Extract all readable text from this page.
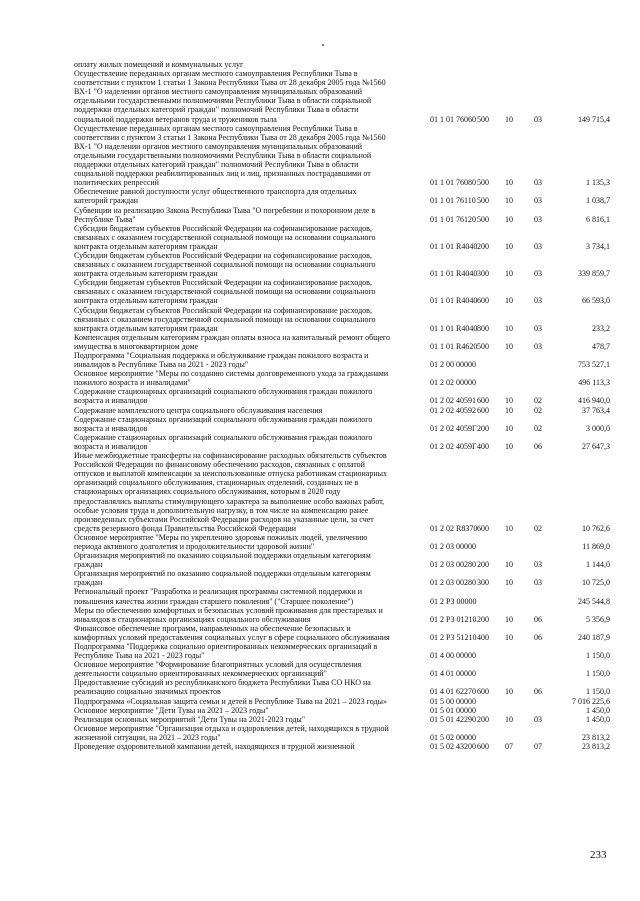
оплату жилых помещений и коммунальных услуг
Осуществление переданных органам местного самоуправления Республики Тыва в соответствии с пунктом 1 статьи 1 Закона Республики Тыва от 28 декабря 2005 года №1560 ВХ-1 "О наделении органов местного самоуправления муниципальных образований отдельными государственными полномочиями Республики Тыва в области социальной поддержки отдельных категорий граждан" полномочий Республики Тыва в области социальной поддержки ветеранов труда и тружеников тыла	01 1 01 76060 500	10	03	149 715,4
Осуществление переданных органам местного самоуправления Республики Тыва в соответствии с пунктом 3 статьи 1 Закона Республики Тыва от 28 декабря 2005 года №1560 ВХ-1 "О наделении органов местного самоуправления муниципальных образований отдельными государственными полномочиями Республики Тыва в области социальной поддержки отдельных категорий граждан" полномочий Республики Тыва в области социальной поддержки реабилитированных лиц и лиц, признанных пострадавшими от политических репрессий	01 1 01 76080 500	10	03	1 135,3
Обеспечение равной доступности услуг общественного транспорта для отдельных категорий граждан	01 1 01 76110 500	10	03	1 038,7
Субвенции на реализацию Закона Республики Тыва "О погребении и похоронном деле в Республике Тыва"	01 1 01 76120 500	10	03	6 816,1
Субсидии бюджетам субъектов Российской Федерации на софинансирование расходов, связанных с оказанием государственной социальной помощи на основании социального контракта отдельным категориям граждан	01 1 01 R4040 200	10	03	3 734,1
Субсидии бюджетам субъектов Российской Федерации на софинансирование расходов, связанных с оказанием государственной социальной помощи на основании социального контракта отдельным категориям граждан	01 1 01 R4040 300	10	03	339 859,7
Субсидии бюджетам субъектов Российской Федерации на софинансирование расходов, связанных с оказанием государственной социальной помощи на основании социального контракта отдельным категориям граждан	01 1 01 R4040 600	10	03	66 593,0
Субсидии бюджетам субъектов Российской Федерации на софинансирование расходов, связанных с оказанием государственной социальной помощи на основании социального контракта отдельным категориям граждан	01 1 01 R4040 800	10	03	233,2
Компенсация отдельным категориям граждан оплаты взноса на капитальный ремонт общего имущества в многоквартирном доме	01 1 01 R4620 500	10	03	478,7
Подпрограмма "Социальная поддержка и обслуживание граждан пожилого возраста и инвалидов в Республике Тыва на 2021 - 2023 годы"	01 2 00 00000	753 527,1
Основное мероприятие "Меры по созданию системы долговременного ухода за гражданами пожилого возраста и инвалидами"	01 2 02 00000	496 113,3
Содержание стационарных организаций социального обслуживания граждан пожилого возраста и инвалидов	01 2 02 40591 600	10	02	416 940,0
Содержание комплексного центра социального обслуживания населения	01 2 02 40592 600	10	02	37 763,4
Содержание стационарных организаций социального обслуживания граждан пожилого возраста и инвалидов	01 2 02 4059Г 200	10	02	3 000,0
Содержание стационарных организаций социального обслуживания граждан пожилого возраста и инвалидов	01 2 02 4059Г 400	10	06	27 647,3
Иные межбюджетные трансферты на софинансирование расходных обязательств субъектов Российской Федерации по финансовому обеспечению расходов, связанных с оплатой отпусков и выплатой компенсации за неиспользованные отпуска работникам стационарных организаций социального обслуживания, стационарных отделений, созданных не в стационарных организациях социального обслуживания, которым в 2020 году предоставлялись выплаты стимулирующего характера за выполнение особо важных работ, особые условия труда и дополнительную нагрузку, в том числе на компенсацию ранее произведенных субъектами Российской Федерации расходов на указанные цели, за счет средств резервного фонда Правительства Российской Федерации	01 2 02 R8370 600	10	02	10 762,6
Основное мероприятие "Меры по укреплению здоровья пожилых людей, увеличению периода активного долголетия и продолжительности здоровой жизни"	01 2 03 00000	11 869,0
Организация мероприятий по оказанию социальной поддержки отдельным категориям граждан	01 2 03 00280 200	10	03	1 144,0
Организация мероприятий по оказанию социальной поддержки отдельным категориям граждан	01 2 03 00280 300	10	03	10 725,0
Региональный проект "Разработка и реализация программы системной поддержки и повышения качества жизни граждан старшего поколения" ("Старшее поколение")	01 2 P3 00000	245 544,8
Меры по обеспечению комфортных и безопасных условий проживания для престарелых и инвалидов в стационарных организациях социального обслуживания	01 2 P3 01210 200	10	06	5 356,9
Финансовое обеспечение программ, направленных на обеспечение безопасных и комфортных условий предоставления социальных услуг в сфере социального обслуживания	01 2 P3 51210 400	10	06	240 187,9
Подпрограмма "Поддержка социально ориентированных некоммерческих организаций в Республике Тыва на 2021 - 2023 годы"	01 4 00 00000	1 150,0
Основное мероприятие "Формирование благоприятных условий для осуществления деятельности социально ориентированных некоммерческих организаций"	01 4 01 00000	1 150,0
Предоставление субсидий из республиканского бюджета Республики Тыва СО НКО на реализацию социально значимых проектов	01 4 01 62270 600	10	06	1 150,0
Подпрограмма «Социальная защита семьи и детей в Республике Тыва на 2021 – 2023 годы»	01 5 00 00000	7 016 225,6
Основное мероприятие "Дети Тувы на 2021 – 2023 годы"	01 5 01 00000	1 450,0
Реализация основных мероприятий "Дети Тувы на 2021-2023 годы"	01 5 01 42290 200	10	03	1 450,0
Основное мероприятие "Организация отдыха и оздоровления детей, находящихся в трудной жизненной ситуации, на 2021 – 2023 годы"	01 5 02 00000	23 813,2
Проведение оздоровительной кампании детей, находящихся в трудной жизненной	01 5 02 43200 600	07	07	23 813,2
233
